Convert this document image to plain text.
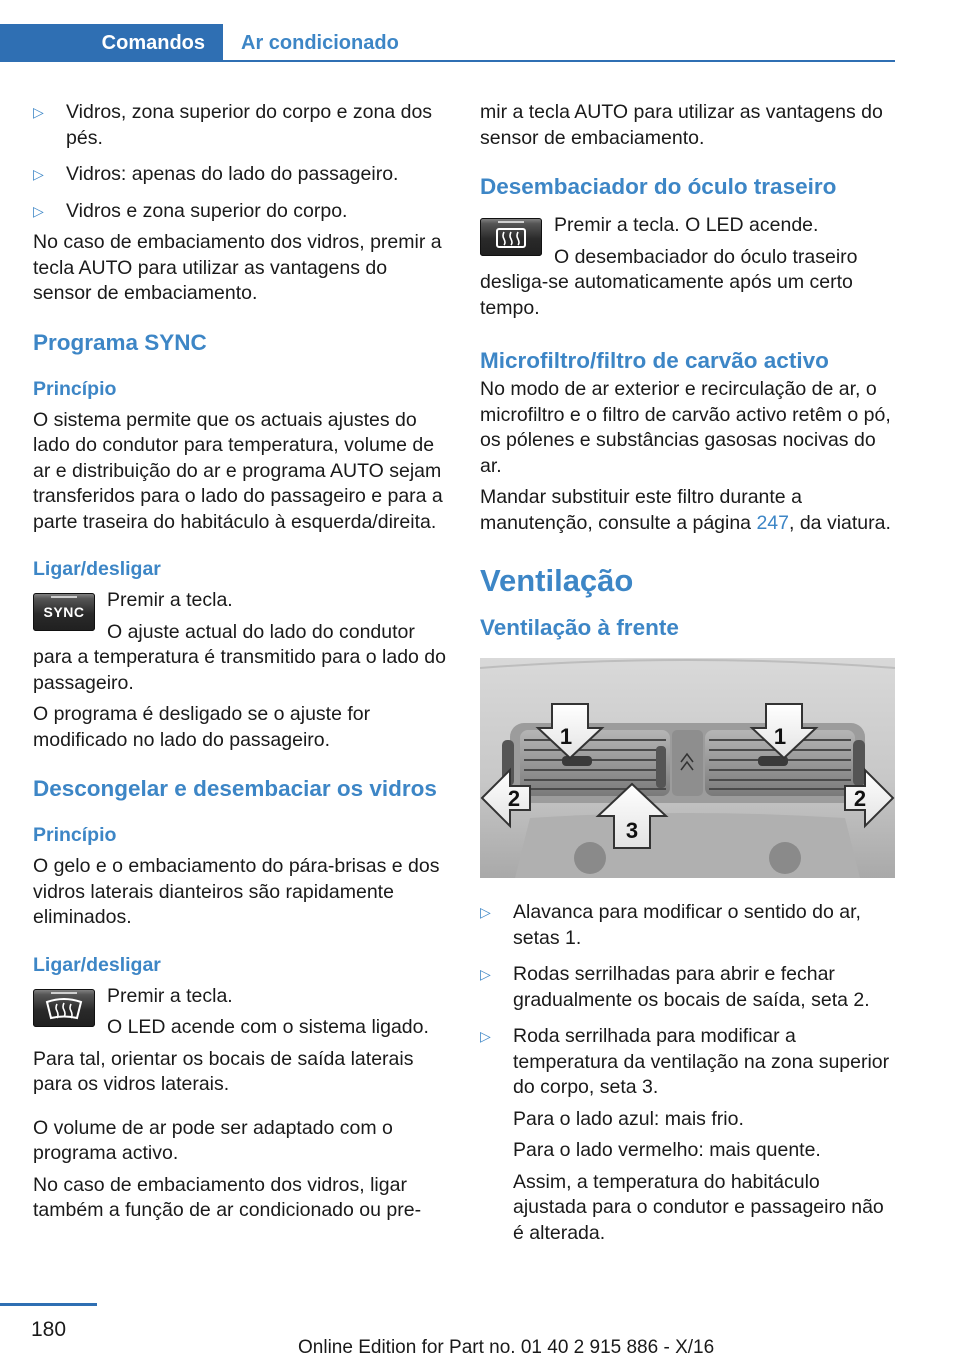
Comandos	Ar condicionado
▷ Vidros, zona superior do corpo e zona dos pés.
▷ Vidros: apenas do lado do passageiro.
▷ Vidros e zona superior do corpo.

No caso de embaciamento dos vidros, premir a tecla AUTO para utilizar as vantagens do sensor de embaciamento.

Programa SYNC
Princípio

O sistema permite que os actuais ajustes do lado do condutor para temperatura, volume de ar e distribuição do ar e programa AUTO sejam transferidos para o lado do passageiro e para a parte traseira do habitáculo à esquerda/direita.

Ligar/desligar
SYNC

Premir a tecla.

O ajuste actual do lado do condutor para a temperatura é transmitido para o lado do passageiro.

O programa é desligado se o ajuste for modificado no lado do passageiro.

Descongelar e desembaciar os vidros
Princípio

O gelo e o embaciamento do pára-brisas e dos vidros laterais dianteiros são rapidamente eliminados.

Ligar/desligar

Premir a tecla.

O LED acende com o sistema ligado.

Para tal, orientar os bocais de saída laterais para os vidros laterais.

O volume de ar pode ser adaptado com o programa activo.

No caso de embaciamento dos vidros, ligar também a função de ar condicionado ou pre-

mir a tecla AUTO para utilizar as vantagens do sensor de embaciamento.

Desembaciador do óculo traseiro

Premir a tecla. O LED acende.

O desembaciador do óculo traseiro desliga-se automaticamente após um certo tempo.

Microfiltro/filtro de carvão activo

No modo de ar exterior e recirculação de ar, o microfiltro e o filtro de carvão activo retêm o pó, os pólenes e substâncias gasosas nocivas do ar.

Mandar substituir este filtro durante a manutenção, consulte a página 247, da viatura.

Ventilação
Ventilação à frente
1	1
2
3
2
▷ Alavanca para modificar o sentido do ar, setas 1.
▷ Rodas serrilhadas para abrir e fechar gradualmente os bocais de saída, seta 2.
▷ Roda serrilhada para modificar a temperatura da ventilação na zona superior do corpo, seta 3.

Para o lado azul: mais frio.

Para o lado vermelho: mais quente.

Assim, a temperatura do habitáculo ajustada para o condutor e passageiro não é alterada.

180
Online Edition for Part no. 01 40 2 915 886 - X/16
